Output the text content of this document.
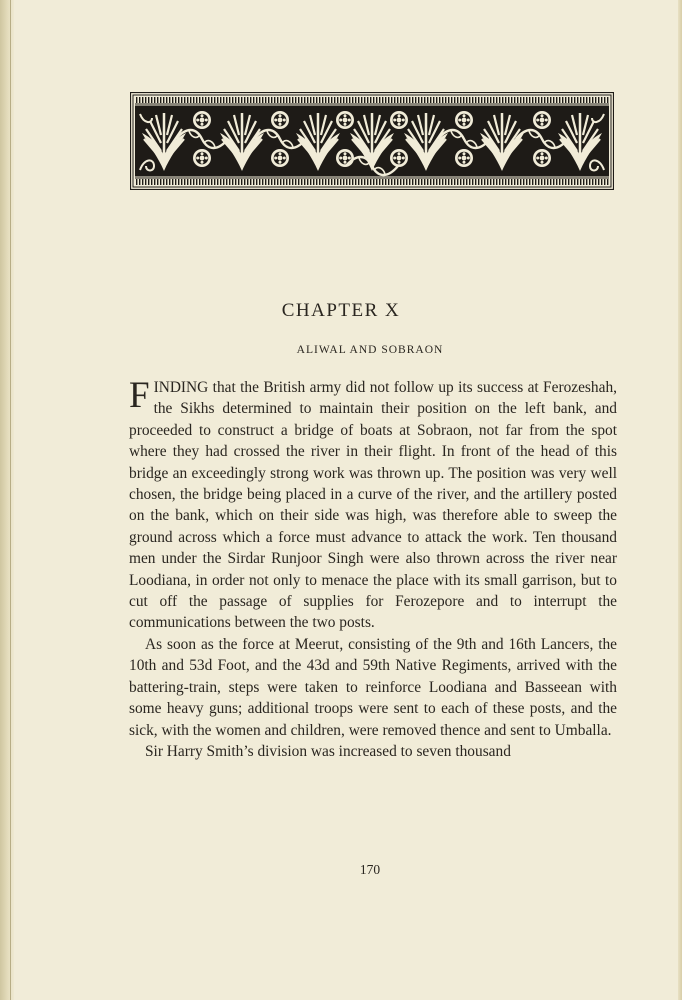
CHAPTER X
ALIWAL AND SOBRAON

FINDING that the British army did not follow up its success at Ferozeshah, the Sikhs determined to maintain their position on the left bank, and proceeded to construct a bridge of boats at Sobraon, not far from the spot where they had crossed the river in their flight. In front of the head of this bridge an exceedingly strong work was thrown up. The position was very well chosen, the bridge being placed in a curve of the river, and the artillery posted on the bank, which on their side was high, was therefore able to sweep the ground across which a force must advance to attack the work. Ten thousand men under the Sirdar Runjoor Singh were also thrown across the river near Loodiana, in order not only to menace the place with its small garrison, but to cut off the passage of supplies for Ferozepore and to interrupt the communications between the two posts.

As soon as the force at Meerut, consisting of the 9th and 16th Lancers, the 10th and 53d Foot, and the 43d and 59th Native Regiments, arrived with the battering-train, steps were taken to reinforce Loodiana and Basseean with some heavy guns; additional troops were sent to each of these posts, and the sick, with the women and children, were removed thence and sent to Umballa.

Sir Harry Smith’s division was increased to seven thousand

170
